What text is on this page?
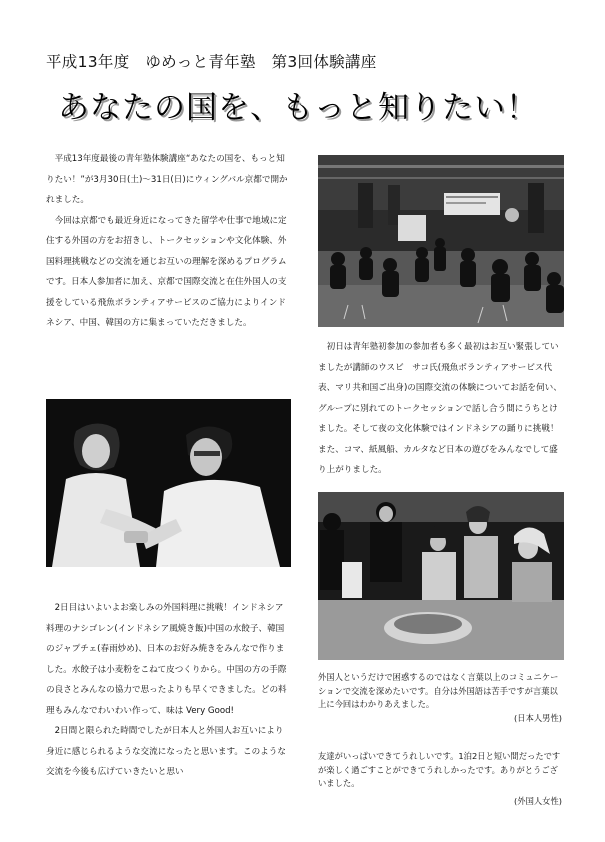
平成13年度　ゆめっと青年塾　第3回体験講座
あなたの国を、もっと知りたい！

平成13年度最後の青年塾体験講座“あなたの国を、もっと知りたい！”が3月30日(土)～31日(日)にウィングバル京都で開かれました。

今回は京都でも最近身近になってきた留学や仕事で地域に定住する外国の方をお招きし、トークセッションや文化体験、外国料理挑戦などの交流を通じお互いの理解を深めるプログラムです。日本人参加者に加え、京都で国際交流と在住外国人の支援をしている飛魚ボランティアサービスのご協力によりインドネシア、中国、韓国の方に集まっていただきました。

初日は青年塾初参加の参加者も多く最初はお互い緊張していましたが講師のウスビ　サコ氏(飛魚ボランティアサービス代表、マリ共和国ご出身)の国際交流の体験についてお話を伺い、グループに別れてのトークセッションで話し合う間にうちとけました。そして夜の文化体験ではインドネシアの踊りに挑戦！また、コマ、紙風船、カルタなど日本の遊びをみんなでして盛り上がりました。

2日目はいよいよお楽しみの外国料理に挑戦！インドネシア料理のナシゴレン(インドネシア風焼き飯)中国の水餃子、韓国のジャプチェ(春雨炒め)、日本のお好み焼きをみんなで作りました。水餃子は小麦粉をこねて皮つくりから。中国の方の手際の良さとみんなの協力で思ったよりも早くできました。どの料理もみんなでわいわい作って、味は Very Good!

2日間と限られた時間でしたが日本人と外国人お互いにより身近に感じられるような交流になったと思います。このような交流を今後も広げていきたいと思い

外国人というだけで困惑するのではなく言葉以上のコミュニケーションで交流を深めたいです。自分は外国語は苦手ですが言葉以上に今回はわかりあえました。
(日本人男性)
友達がいっぱいできてうれしいです。1泊2日と短い間だったですが楽しく過ごすことができてうれしかったです。ありがとうございました。
(外国人女性)
